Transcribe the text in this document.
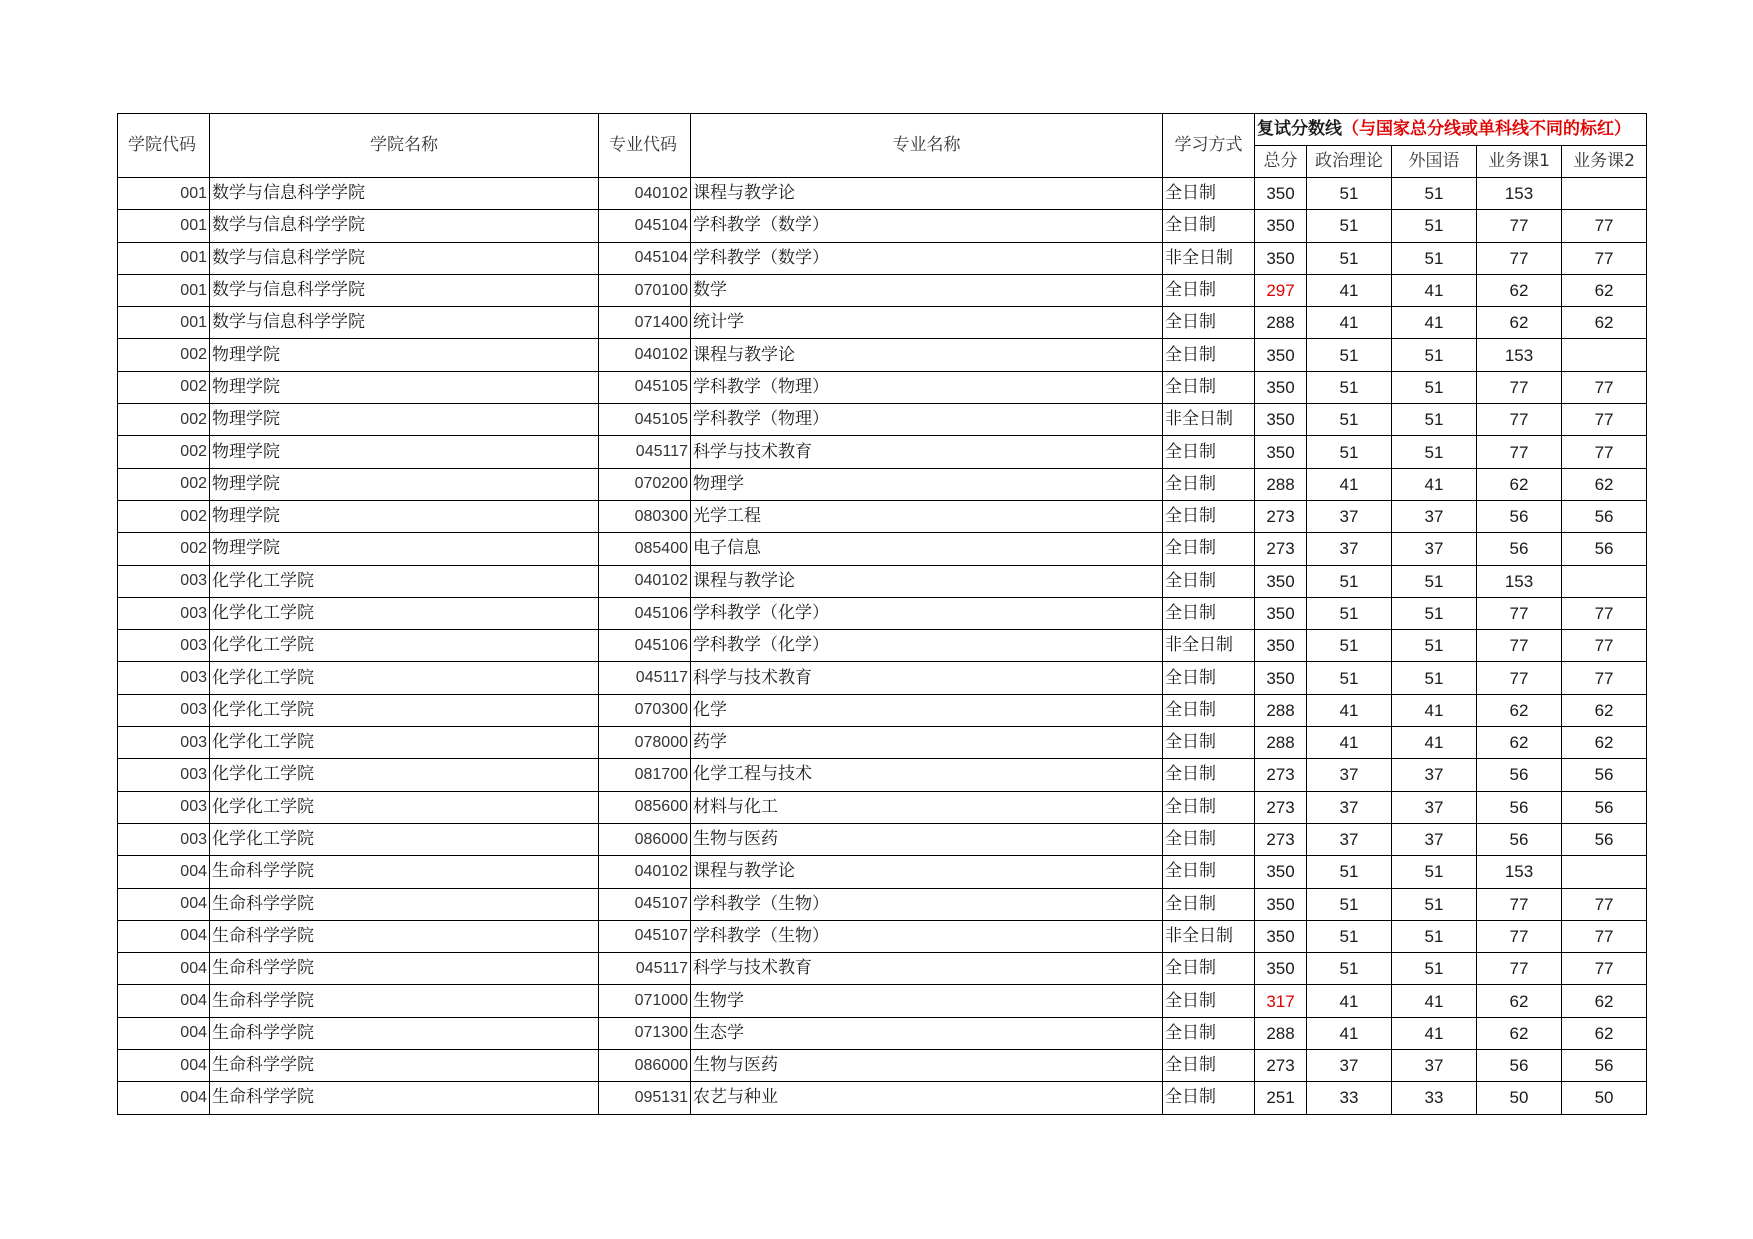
学院代码	学院名称	专业代码	专业名称	学习方式	复试分数线（与国家总分线或单科线不同的标红）				
					总分	政治理论	外国语	业务课1	业务课2
001	数学与信息科学学院	040102	课程与教学论	全日制	350	51	51	153	
001	数学与信息科学学院	045104	学科教学（数学）	全日制	350	51	51	77	77
001	数学与信息科学学院	045104	学科教学（数学）	非全日制	350	51	51	77	77
001	数学与信息科学学院	070100	数学	全日制	297	41	41	62	62
001	数学与信息科学学院	071400	统计学	全日制	288	41	41	62	62
002	物理学院	040102	课程与教学论	全日制	350	51	51	153	
002	物理学院	045105	学科教学（物理）	全日制	350	51	51	77	77
002	物理学院	045105	学科教学（物理）	非全日制	350	51	51	77	77
002	物理学院	045117	科学与技术教育	全日制	350	51	51	77	77
002	物理学院	070200	物理学	全日制	288	41	41	62	62
002	物理学院	080300	光学工程	全日制	273	37	37	56	56
002	物理学院	085400	电子信息	全日制	273	37	37	56	56
003	化学化工学院	040102	课程与教学论	全日制	350	51	51	153	
003	化学化工学院	045106	学科教学（化学）	全日制	350	51	51	77	77
003	化学化工学院	045106	学科教学（化学）	非全日制	350	51	51	77	77
003	化学化工学院	045117	科学与技术教育	全日制	350	51	51	77	77
003	化学化工学院	070300	化学	全日制	288	41	41	62	62
003	化学化工学院	078000	药学	全日制	288	41	41	62	62
003	化学化工学院	081700	化学工程与技术	全日制	273	37	37	56	56
003	化学化工学院	085600	材料与化工	全日制	273	37	37	56	56
003	化学化工学院	086000	生物与医药	全日制	273	37	37	56	56
004	生命科学学院	040102	课程与教学论	全日制	350	51	51	153	
004	生命科学学院	045107	学科教学（生物）	全日制	350	51	51	77	77
004	生命科学学院	045107	学科教学（生物）	非全日制	350	51	51	77	77
004	生命科学学院	045117	科学与技术教育	全日制	350	51	51	77	77
004	生命科学学院	071000	生物学	全日制	317	41	41	62	62
004	生命科学学院	071300	生态学	全日制	288	41	41	62	62
004	生命科学学院	086000	生物与医药	全日制	273	37	37	56	56
004	生命科学学院	095131	农艺与种业	全日制	251	33	33	50	50
